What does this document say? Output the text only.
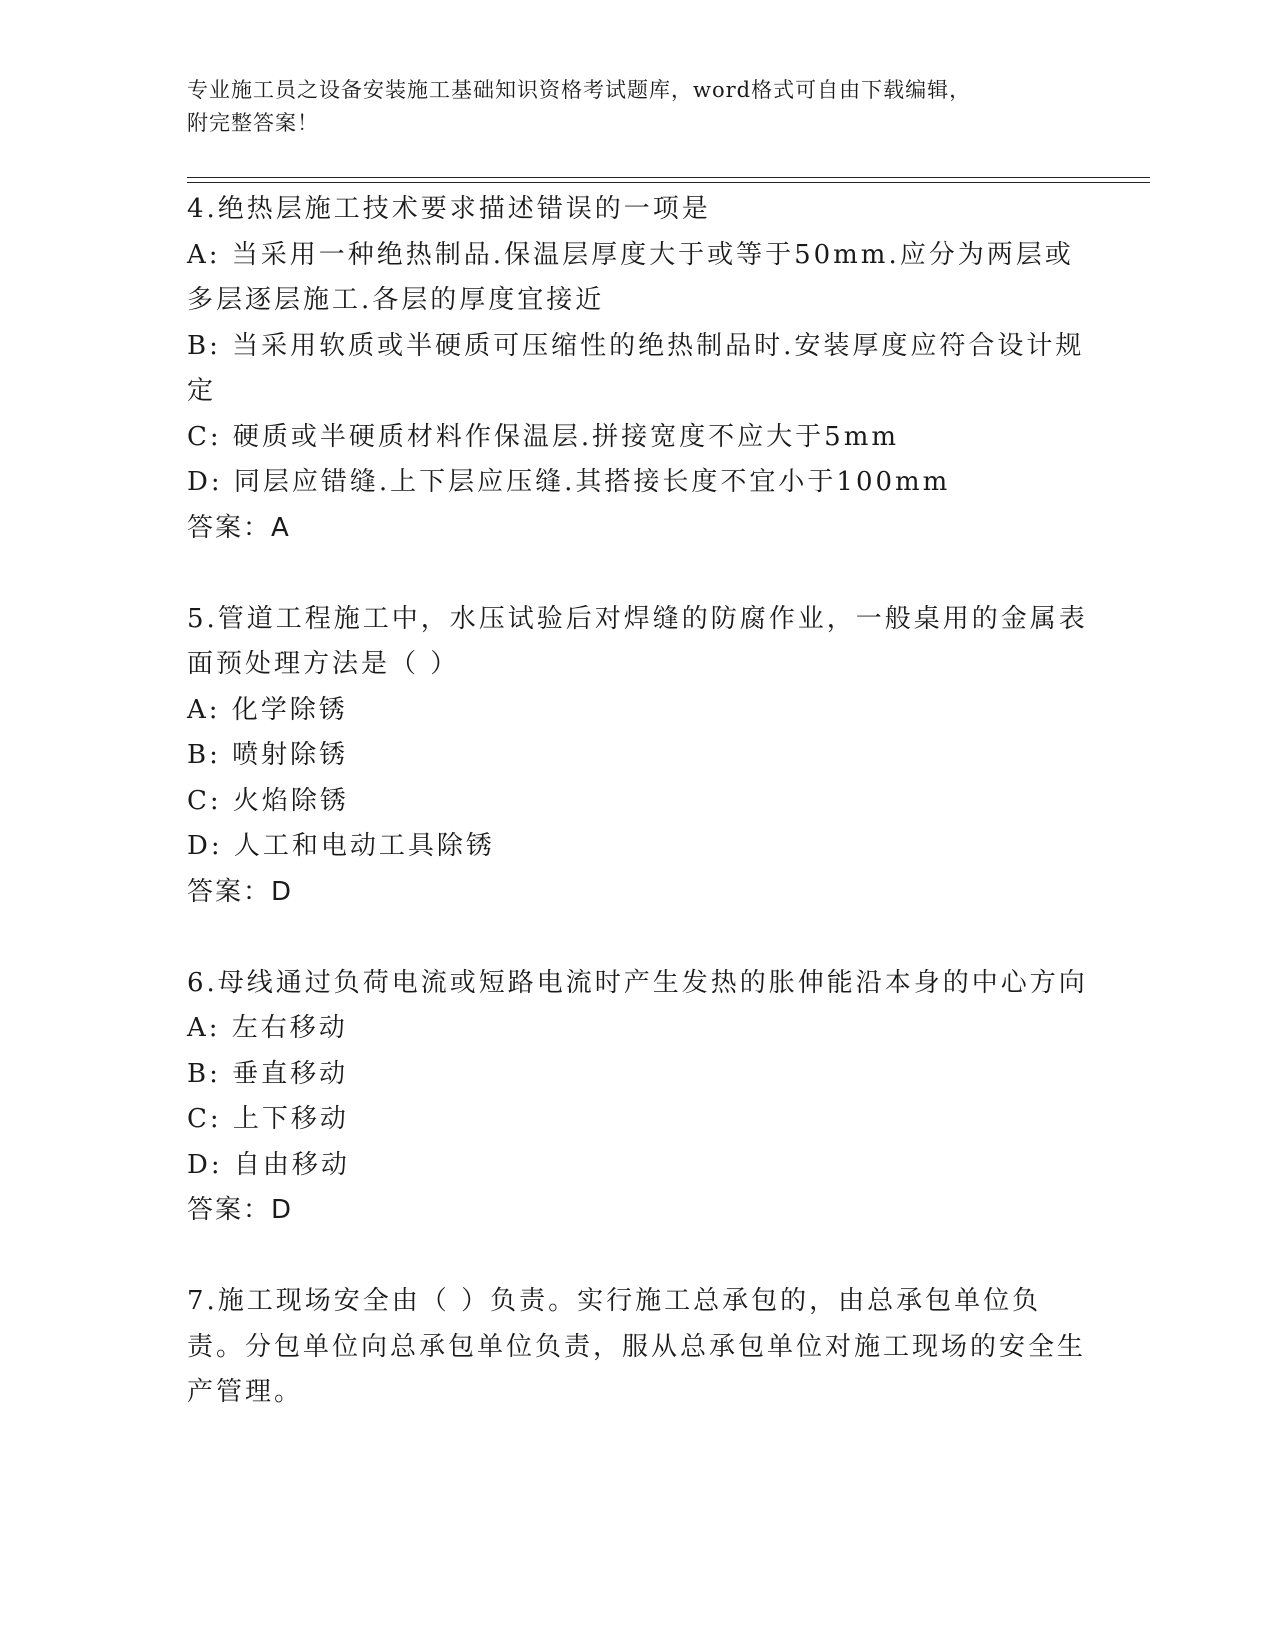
专业施工员之设备安装施工基础知识资格考试题库，word格式可自由下载编辑，
附完整答案！

4.绝热层施工技术要求描述错误的一项是

A: 当采用一种绝热制品.保温层厚度大于或等于50mm.应分为两层或多层逐层施工.各层的厚度宜接近

B: 当采用软质或半硬质可压缩性的绝热制品时.安装厚度应符合设计规定

C: 硬质或半硬质材料作保温层.拼接宽度不应大于5mm

D: 同层应错缝.上下层应压缝.其搭接长度不宜小于100mm

答案：A

5.管道工程施工中，水压试验后对焊缝的防腐作业，一般桌用的金属表面预处理方法是（ ）

A: 化学除锈

B: 喷射除锈

C: 火焰除锈

D: 人工和电动工具除锈

答案：D

6.母线通过负荷电流或短路电流时产生发热的胀伸能沿本身的中心方向

A: 左右移动

B: 垂直移动

C: 上下移动

D: 自由移动

答案：D

7.施工现场安全由（ ）负责。实行施工总承包的，由总承包单位负责。分包单位向总承包单位负责，服从总承包单位对施工现场的安全生产管理。
